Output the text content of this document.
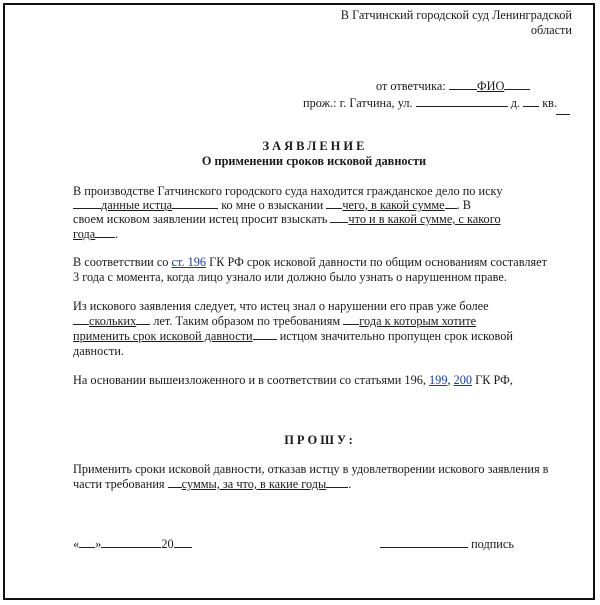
В Гатчинский городской суд Ленинградской
области
от ответчика:	ФИО
прож.: г. Гатчина, ул.	д. кв.
ЗАЯВЛЕНИЕ
О применении сроков исковой давности
В производстве Гатчинского городского суда находится гражданское дело по иску
данные истца	ко мне о взыскании чего, в какой сумме . В
своем исковом заявлении истец просит взыскать что и в какой сумме, с какого
года .
В соответствии со ст. 196 ГК РФ срок исковой давности по общим основаниям составляет
3 года с момента, когда лицо узнало или должно было узнать о нарушенном праве.
Из искового заявления следует, что истец знал о нарушении его прав уже более
скольких лет. Таким образом по требованиям года к которым хотите
применить срок исковой давности истцом значительно пропущен срок исковой
давности.
На основании вышеизложенного и в соответствии со статьями 196, 199, 200 ГК РФ,
ПРОШУ:
Применить сроки исковой давности, отказав истцу в удовлетворении искового заявления в
части требования суммы, за что, в какие годы .
« »	20	подпись
